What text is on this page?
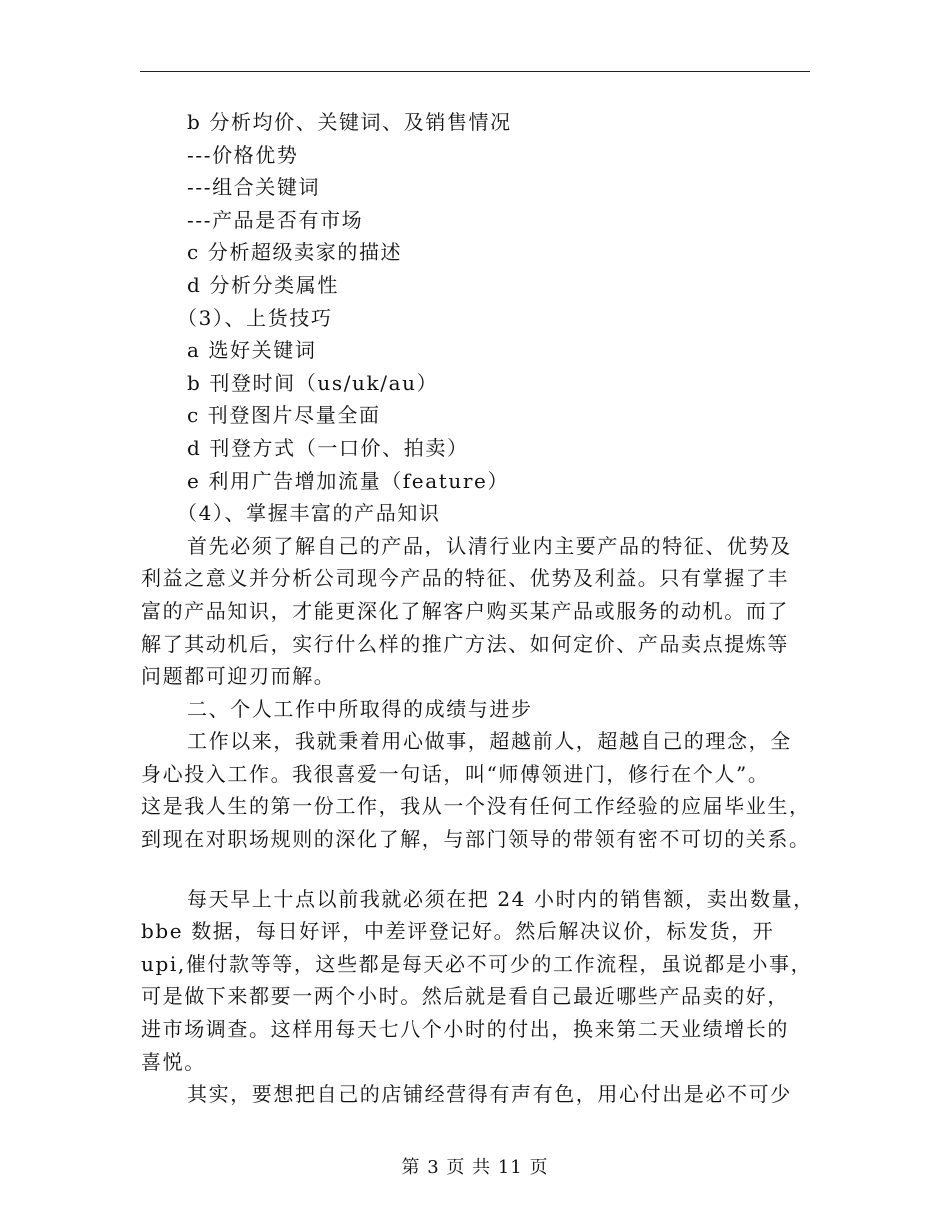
b 分析均价、关键词、及销售情况
---价格优势
---组合关键词
---产品是否有市场
c 分析超级卖家的描述
d 分析分类属性
（3）、上货技巧
a 选好关键词
b 刊登时间（us/uk/au）
c 刊登图片尽量全面
d 刊登方式（一口价、拍卖）
e 利用广告增加流量（feature）
（4）、掌握丰富的产品知识
首先必须了解自己的产品，认清行业内主要产品的特征、优势及
利益之意义并分析公司现今产品的特征、优势及利益。只有掌握了丰
富的产品知识，才能更深化了解客户购买某产品或服务的动机。而了
解了其动机后，实行什么样的推广方法、如何定价、产品卖点提炼等
问题都可迎刃而解。
二、个人工作中所取得的成绩与进步
工作以来，我就秉着用心做事，超越前人，超越自己的理念，全
身心投入工作。我很喜爱一句话，叫“师傅领进门，修行在个人”。
这是我人生的第一份工作，我从一个没有任何工作经验的应届毕业生，
到现在对职场规则的深化了解，与部门领导的带领有密不可切的关系。
每天早上十点以前我就必须在把 24 小时内的销售额，卖出数量，
bbe 数据，每日好评，中差评登记好。然后解决议价，标发货，开
upi,催付款等等，这些都是每天必不可少的工作流程，虽说都是小事，
可是做下来都要一两个小时。然后就是看自己最近哪些产品卖的好，
进市场调查。这样用每天七八个小时的付出，换来第二天业绩增长的
喜悦。
其实，要想把自己的店铺经营得有声有色，用心付出是必不可少
第 3 页 共 11 页
